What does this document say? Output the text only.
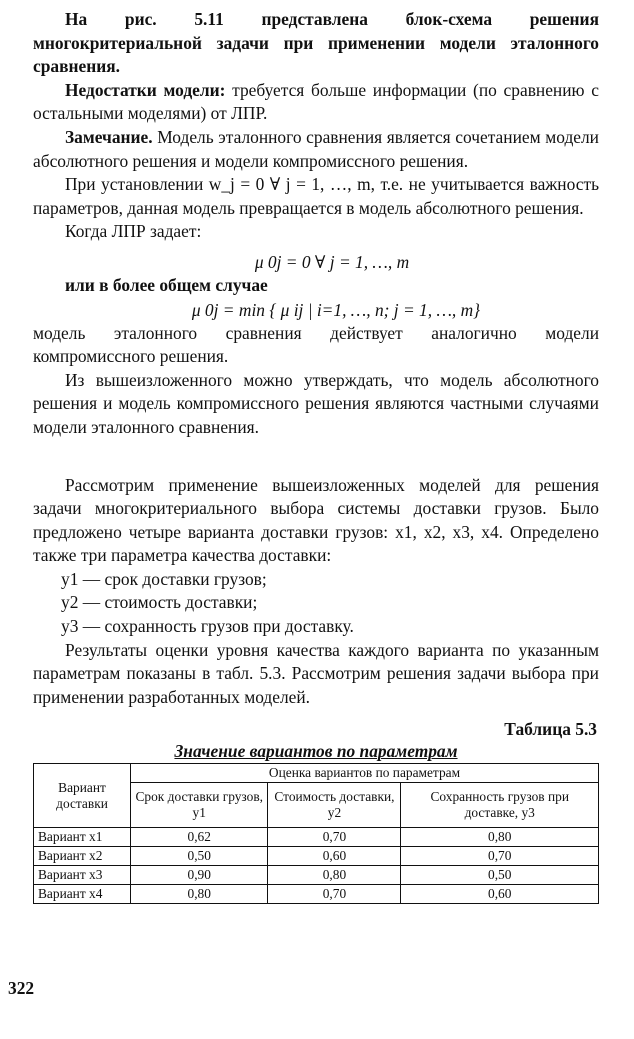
На рис. 5.11 представлена блок-схема решения многокритериальной задачи при применении модели эталонного сравнения.

Недостатки модели: требуется больше информации (по сравнению с остальными моделями) от ЛПР.

Замечание. Модель эталонного сравнения является сочетанием модели абсолютного решения и модели компромиссного решения.

При установлении w_j = 0 ∀ j = 1, …, m, т.е. не учитывается важность параметров, данная модель превращается в модель абсолютного решения.

Когда ЛПР задает:

μ 0j = 0 ∀ j = 1, …, m

или в более общем случае

μ 0j = min { μ ij | i=1, …, n; j = 1, …, m}

модель эталонного сравнения действует аналогично модели компромиссного решения.

Из вышеизложенного можно утверждать, что модель абсолютного решения и модель компромиссного решения являются частными случаями модели эталонного сравнения.

Рассмотрим применение вышеизложенных моделей для решения задачи многокритериального выбора системы доставки грузов. Было предложено четыре варианта доставки грузов: x1, x2, x3, x4. Определено также три параметра качества доставки:

y1 — срок доставки грузов;

y2 — стоимость доставки;

y3 — сохранность грузов при доставку.

Результаты оценки уровня качества каждого варианта по указанным параметрам показаны в табл. 5.3. Рассмотрим решения задачи выбора при применении разработанных моделей.

Таблица 5.3
Значение вариантов по параметрам
Вариант доставки	Оценка вариантов по параметрам		
	Срок доставки грузов, y1	Стоимость доставки, y2	Сохранность грузов при доставке, y3
Вариант x1	0,62	0,70	0,80
Вариант x2	0,50	0,60	0,70
Вариант x3	0,90	0,80	0,50
Вариант x4	0,80	0,70	0,60
322
